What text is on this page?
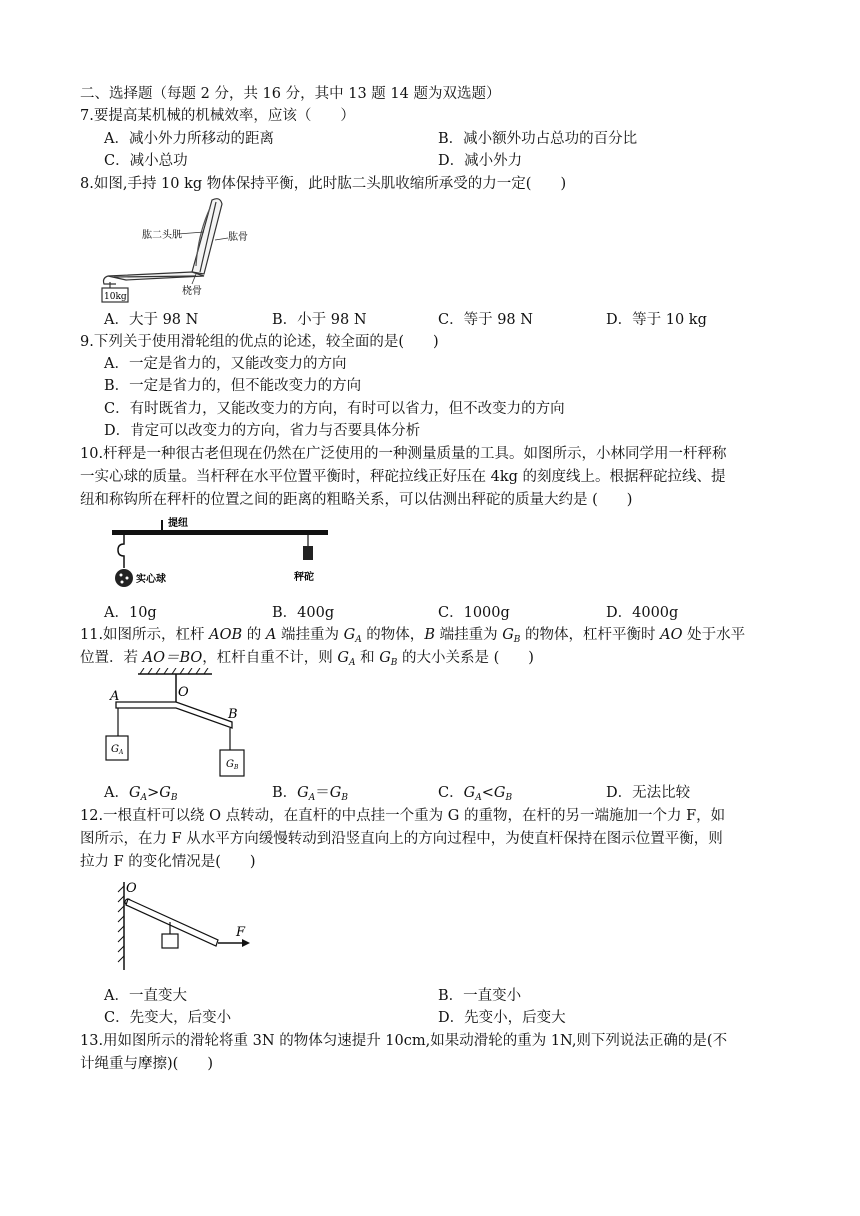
二、选择题（每题 2 分，共 16 分，其中 13 题 14 题为双选题）
7.要提高某机械的机械效率，应该（　　）
A．减小外力所移动的距离	B．减小额外功占总功的百分比
C．减小总功	D．减小外力
8.如图,手持 10 kg 物体保持平衡，此时肱二头肌收缩所承受的力一定(　　)
肱二头肌	肱骨
桡骨
10kg
A．大于 98 N	B．小于 98 N	C．等于 98 N	D．等于 10 kg
9.下列关于使用滑轮组的优点的论述，较全面的是(　　)
A．一定是省力的，又能改变力的方向
B．一定是省力的，但不能改变力的方向
C．有时既省力，又能改变力的方向，有时可以省力，但不改变力的方向
D．肯定可以改变力的方向，省力与否要具体分析
10.杆秤是一种很古老但现在仍然在广泛使用的一种测量质量的工具。如图所示，小林同学用一杆秤称
一实心球的质量。当杆秤在水平位置平衡时，秤砣拉线正好压在 4kg 的刻度线上。根据秤砣拉线、提
纽和称钩所在秤杆的位置之间的距离的粗略关系，可以估测出秤砣的质量大约是 (　　)
提纽
实心球	秤砣
A．10g	B．400g	C．1000g	D．4000g
11.如图所示，杠杆 AOB 的 A 端挂重为 $G_A$ 的物体，B 端挂重为 $G_B$ 的物体，杠杆平衡时 AO 处于水平
位置．若 AO＝BO，杠杆自重不计，则 $G_A$ 和 $G_B$ 的大小关系是 (　　)
A	O
B
$G_A$
$G_B$
A．$G_A>G_B$	B．$G_A=G_B$	C．$G_A<G_B$	D．无法比较
12.一根直杆可以绕 O 点转动，在直杆的中点挂一个重为 G 的重物，在杆的另一端施加一个力 F，如
图所示，在力 F 从水平方向缓慢转动到沿竖直向上的方向过程中，为使直杆保持在图示位置平衡，则
拉力 F 的变化情况是(　　)
O
F
A．一直变大	B．一直变小
C．先变大，后变小	D．先变小，后变大
13.用如图所示的滑轮将重 3N 的物体匀速提升 10cm,如果动滑轮的重为 1N,则下列说法正确的是(不
计绳重与摩擦)(　　)
